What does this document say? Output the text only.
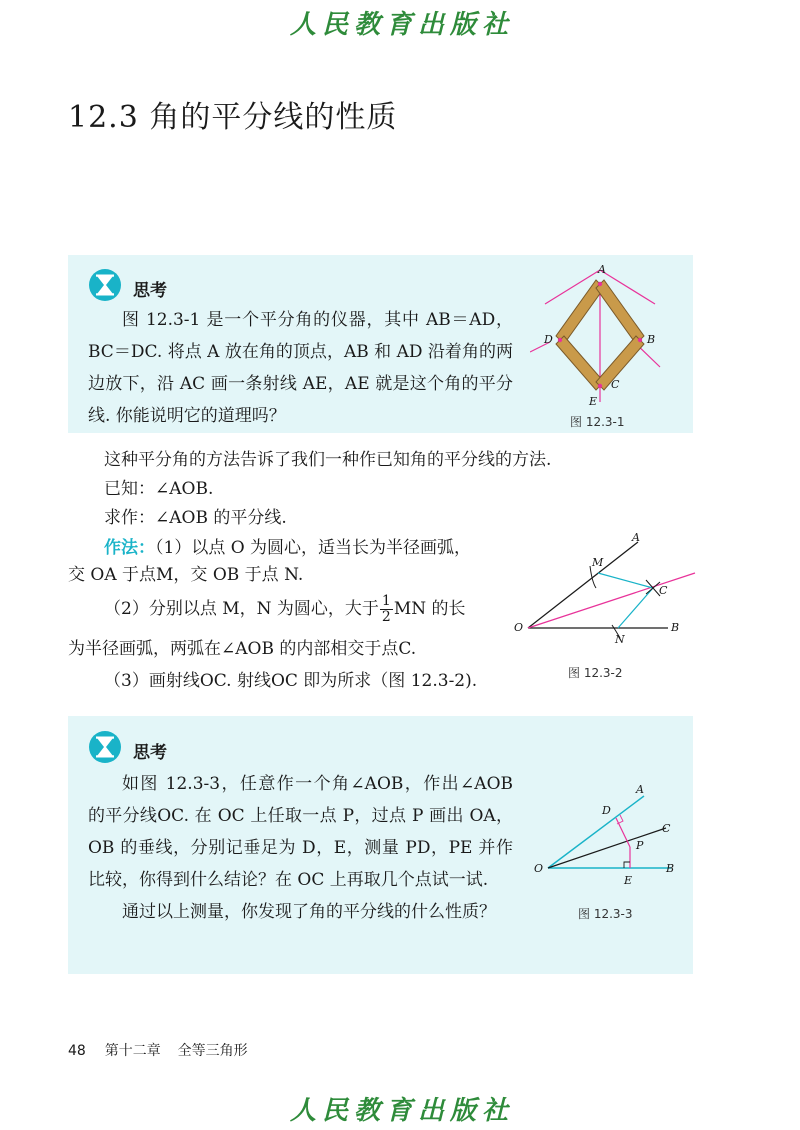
人民教育出版社
12.3 角的平分线的性质
思考

图 12.3-1 是一个平分角的仪器，其中 AB＝AD，BC＝DC. 将点 A 放在角的顶点，AB 和 AD 沿着角的两边放下，沿 AC 画一条射线 AE，AE 就是这个角的平分线. 你能说明它的道理吗？

A
D	B
C
E
图 12.3-1
这种平分角的方法告诉了我们一种作已知角的平分线的方法.
已知：∠AOB.
求作：∠AOB 的平分线.
作法：（1）以点 O 为圆心，适当长为半径画弧，
交 OA 于点M，交 OB 于点 N.
（2）分别以点 M，N 为圆心，大于 $\frac{1}{2}$ MN 的长
为半径画弧，两弧在∠AOB 的内部相交于点C.
（3）画射线OC. 射线OC 即为所求（图 12.3-2).
A
M
C
O
N
B
图 12.3-2
思考

如图 12.3-3，任意作一个角∠AOB，作出∠AOB 的平分线OC. 在 OC 上任取一点 P，过点 P 画出 OA，OB 的垂线，分别记垂足为 D，E，测量 PD，PE 并作比较，你得到什么结论？在 OC 上再取几个点试一试.

通过以上测量，你发现了角的平分线的什么性质？

A
D
C
P
O	B
E
图 12.3-3
48 第十二章 全等三角形
人民教育出版社
